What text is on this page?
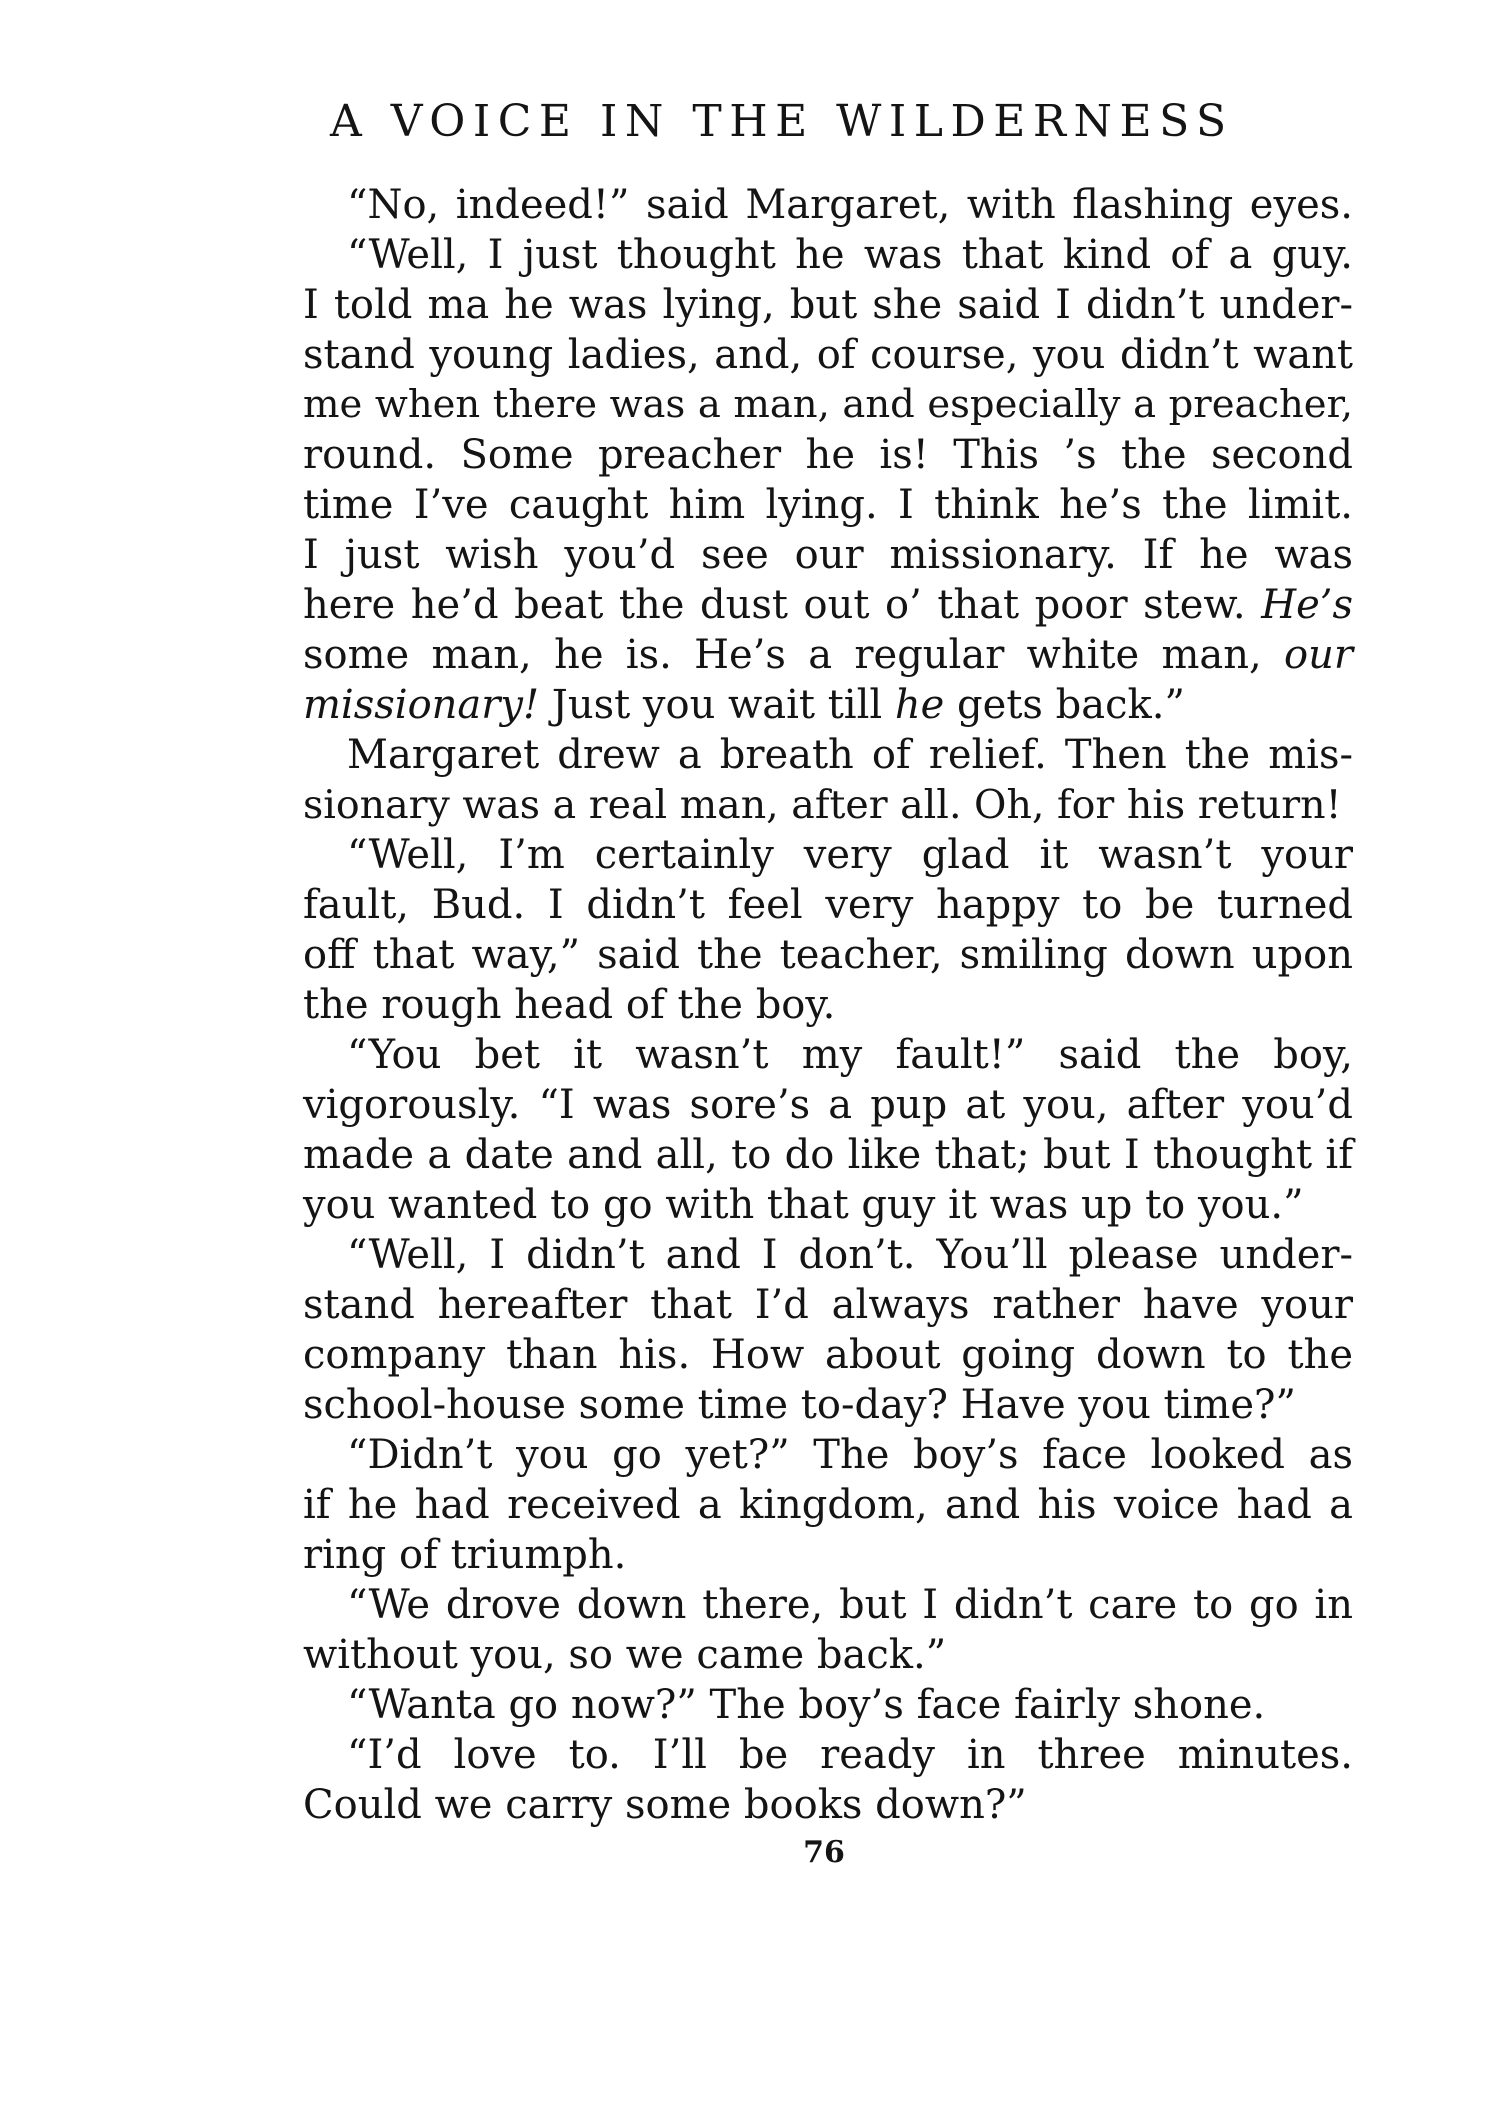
A VOICE IN THE WILDERNESS
“No, indeed!” said Margaret, with flashing eyes.
“Well, I just thought he was that kind of a guy.
I told ma he was lying, but she said I didn’t under-
stand young ladies, and, of course, you didn’t want
me when there was a man, and especially a preacher,
round. Some preacher he is! This ’s the second
time I’ve caught him lying. I think he’s the limit.
I just wish you’d see our missionary. If he was
here he’d beat the dust out o’ that poor stew. He’s
some man, he is. He’s a regular white man, our
missionary! Just you wait till he gets back.”
Margaret drew a breath of relief. Then the mis-
sionary was a real man, after all. Oh, for his return!
“Well, I’m certainly very glad it wasn’t your
fault, Bud. I didn’t feel very happy to be turned
off that way,” said the teacher, smiling down upon
the rough head of the boy.
“You bet it wasn’t my fault!” said the boy,
vigorously. “I was sore’s a pup at you, after you’d
made a date and all, to do like that; but I thought if
you wanted to go with that guy it was up to you.”
“Well, I didn’t and I don’t. You’ll please under-
stand hereafter that I’d always rather have your
company than his. How about going down to the
school-house some time to-day? Have you time?”
“Didn’t you go yet?” The boy’s face looked as
if he had received a kingdom, and his voice had a
ring of triumph.
“We drove down there, but I didn’t care to go in
without you, so we came back.”
“Wanta go now?” The boy’s face fairly shone.
“I’d love to. I’ll be ready in three minutes.
Could we carry some books down?”
76
